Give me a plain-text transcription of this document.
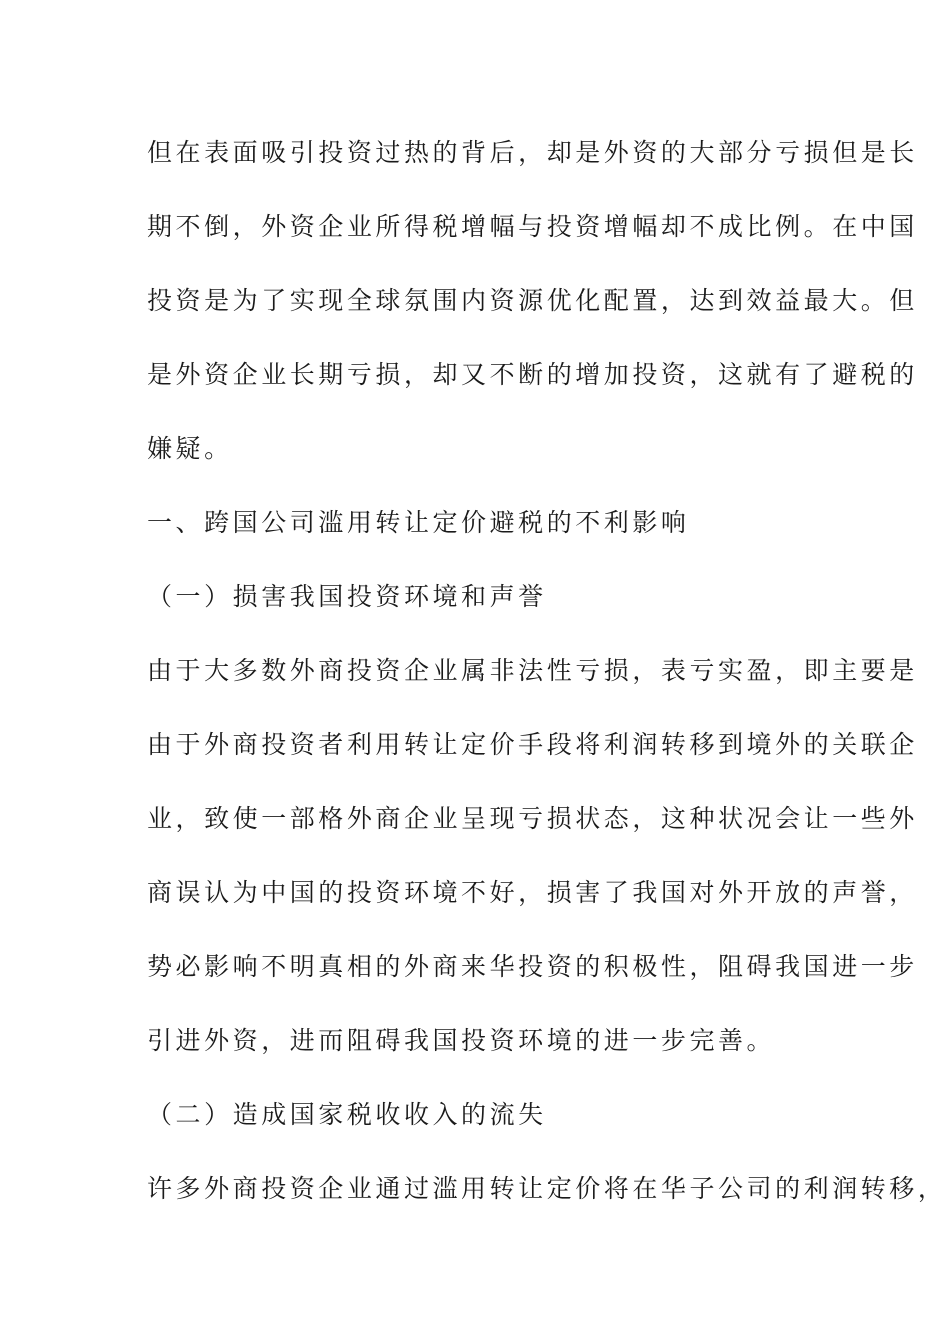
但在表面吸引投资过热的背后，却是外资的大部分亏损但是长
期不倒，外资企业所得税增幅与投资增幅却不成比例。在中国
投资是为了实现全球氛围内资源优化配置，达到效益最大。但
是外资企业长期亏损，却又不断的增加投资，这就有了避税的
嫌疑。
一、跨国公司滥用转让定价避税的不利影响
（一）损害我国投资环境和声誉
由于大多数外商投资企业属非法性亏损，表亏实盈，即主要是
由于外商投资者利用转让定价手段将利润转移到境外的关联企
业，致使一部格外商企业呈现亏损状态，这种状况会让一些外
商误认为中国的投资环境不好，损害了我国对外开放的声誉，
势必影响不明真相的外商来华投资的积极性，阻碍我国进一步
引进外资，进而阻碍我国投资环境的进一步完善。
（二）造成国家税收收入的流失
许多外商投资企业通过滥用转让定价将在华子公司的利润转移，
